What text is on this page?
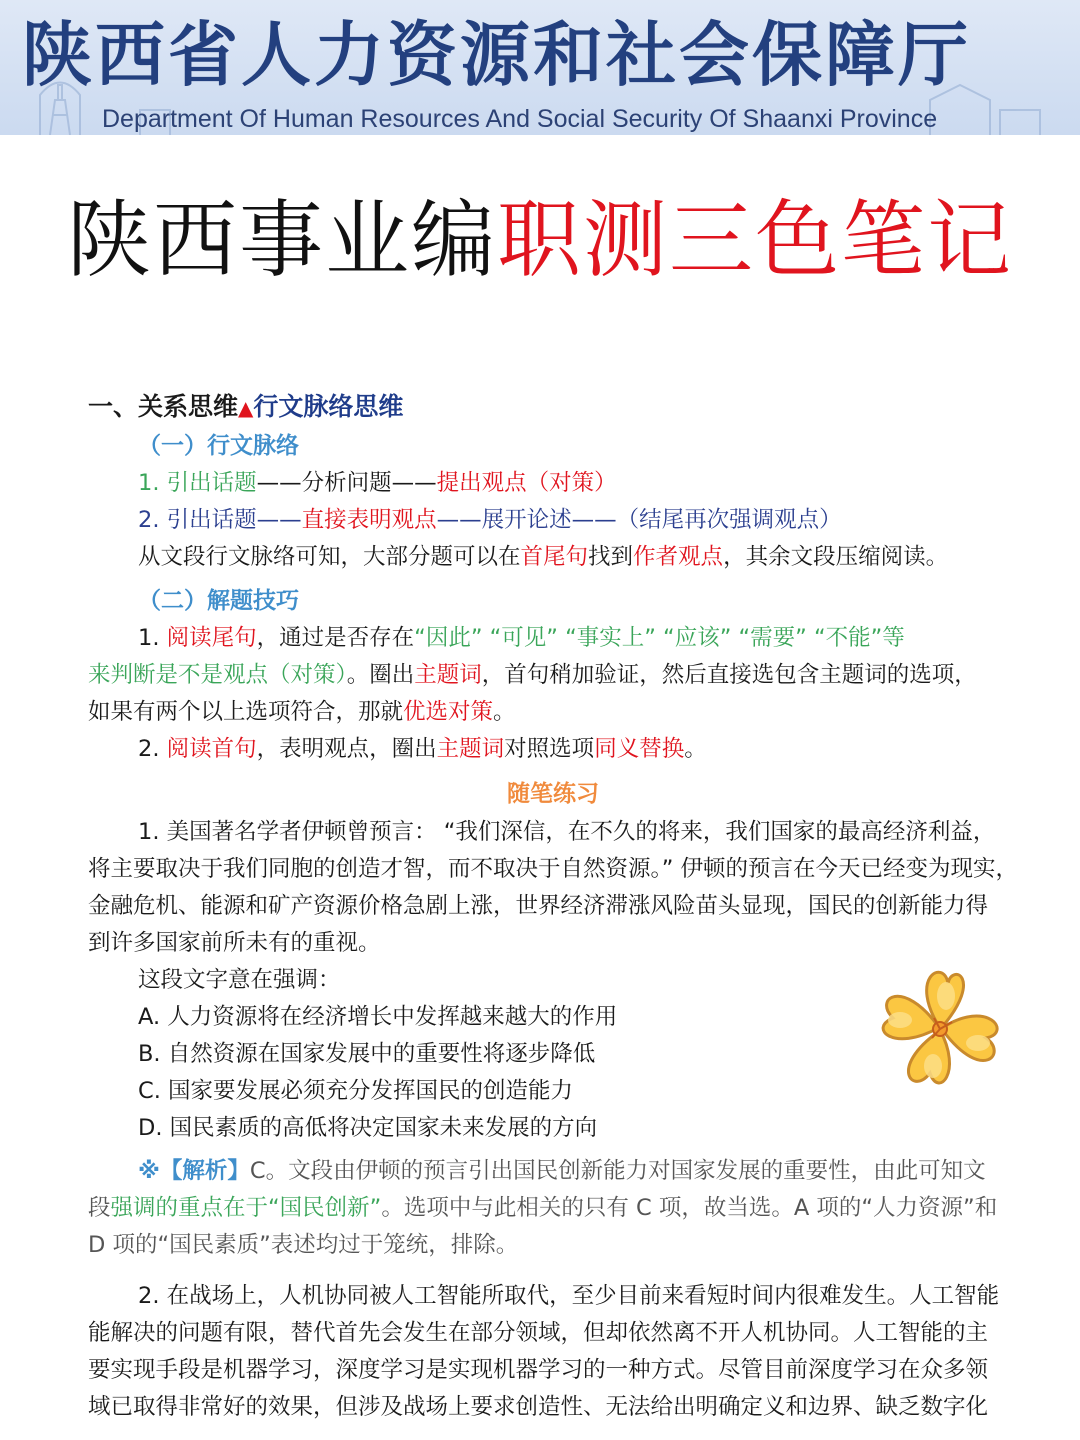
陕西省人力资源和社会保障厅
Department Of Human Resources And Social Security Of Shaanxi Province
陕西事业编职测三色笔记

一、关系思维▲行文脉络思维

（一）行文脉络

1. 引出话题——分析问题——提出观点（对策）

2. 引出话题——直接表明观点——展开论述——（结尾再次强调观点）

从文段行文脉络可知，大部分题可以在首尾句找到作者观点，其余文段压缩阅读。

（二）解题技巧

1. 阅读尾句，通过是否存在“因此” “可见” “事实上” “应该” “需要” “不能”等

来判断是不是观点（对策）。圈出主题词，首句稍加验证，然后直接选包含主题词的选项，

如果有两个以上选项符合，那就优选对策。

2. 阅读首句，表明观点，圈出主题词对照选项同义替换。

随笔练习

1. 美国著名学者伊顿曾预言： “我们深信，在不久的将来，我们国家的最高经济利益，

将主要取决于我们同胞的创造才智，而不取决于自然资源。” 伊顿的预言在今天已经变为现实，

金融危机、能源和矿产资源价格急剧上涨，世界经济滞涨风险苗头显现，国民的创新能力得

到许多国家前所未有的重视。

这段文字意在强调：

A. 人力资源将在经济增长中发挥越来越大的作用

B. 自然资源在国家发展中的重要性将逐步降低

C. 国家要发展必须充分发挥国民的创造能力

D. 国民素质的高低将决定国家未来发展的方向

※【解析】C。文段由伊顿的预言引出国民创新能力对国家发展的重要性，由此可知文

段强调的重点在于“国民创新”。选项中与此相关的只有 C 项，故当选。A 项的“人力资源”和

D 项的“国民素质”表述均过于笼统，排除。

2. 在战场上，人机协同被人工智能所取代，至少目前来看短时间内很难发生。人工智能

能解决的问题有限，替代首先会发生在部分领域，但却依然离不开人机协同。人工智能的主

要实现手段是机器学习，深度学习是实现机器学习的一种方式。尽管目前深度学习在众多领

域已取得非常好的效果，但涉及战场上要求创造性、无法给出明确定义和边界、缺乏数字化
